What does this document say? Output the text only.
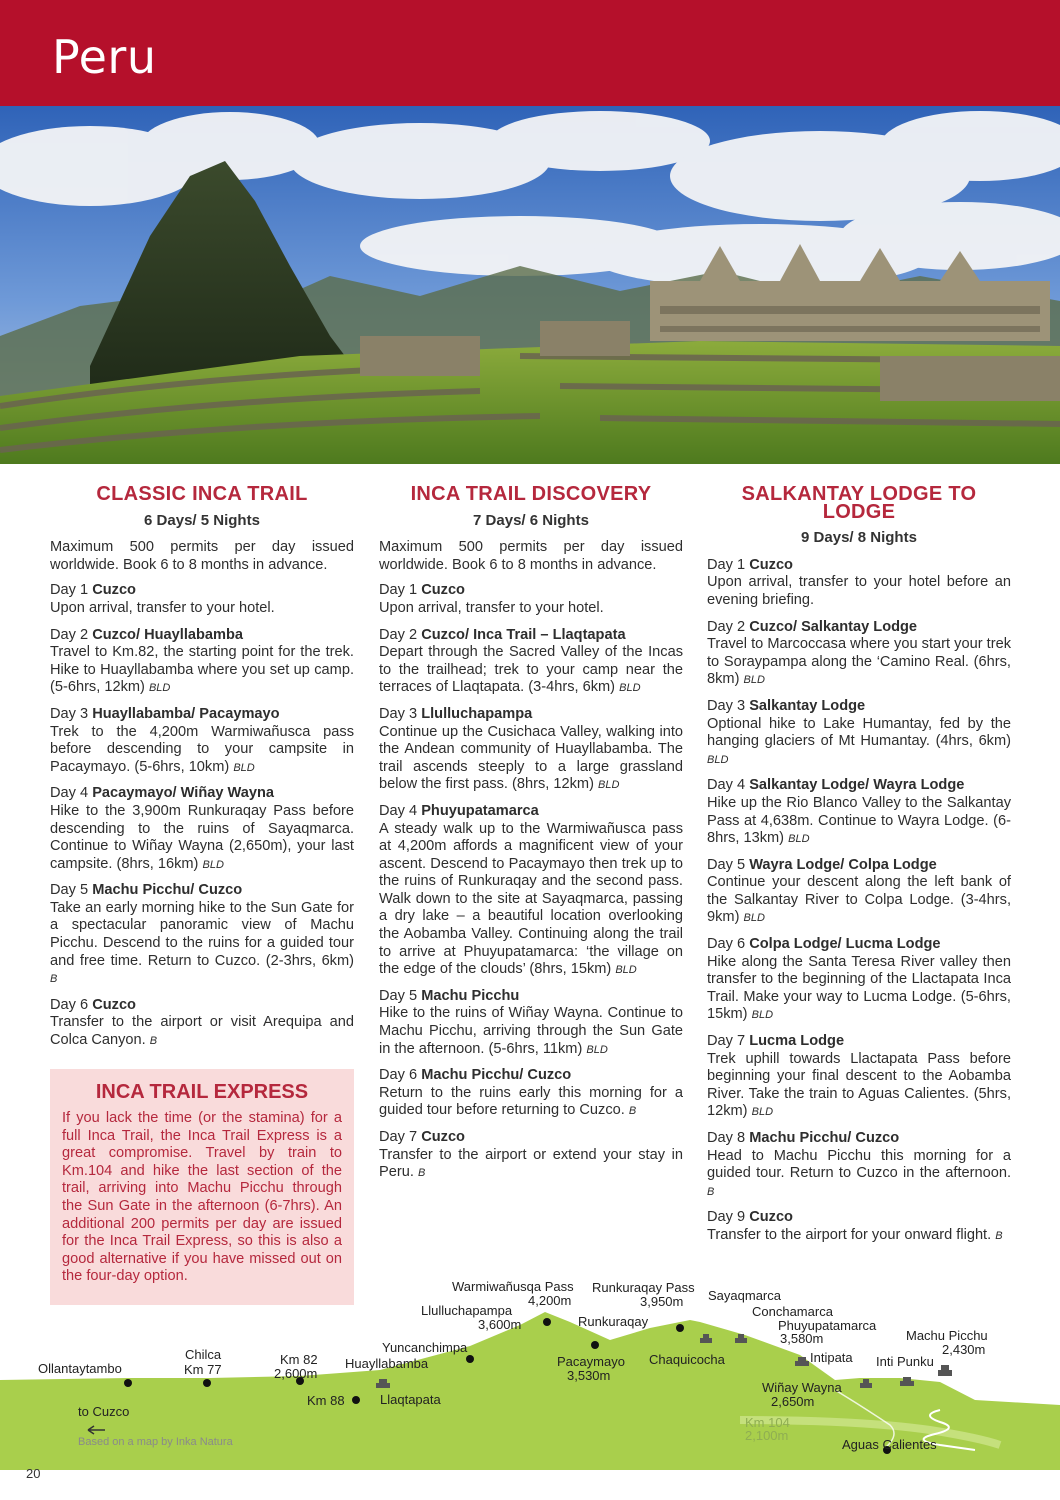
Peru
CLASSIC INCA TRAIL
6 Days/ 5 Nights

Maximum 500 permits per day issued worldwide. Book 6 to 8 months in advance.

Day 1 Cuzco
Upon arrival, transfer to your hotel.
Day 2 Cuzco/ Huayllabamba
Travel to Km.82, the starting point for the trek. Hike to Huayllabamba where you set up camp. (5-6hrs, 12km) BLD
Day 3 Huayllabamba/ Pacaymayo
Trek to the 4,200m Warmiwañusca pass before descending to your campsite in Pacaymayo. (5-6hrs, 10km) BLD
Day 4 Pacaymayo/ Wiñay Wayna
Hike to the 3,900m Runkuraqay Pass before descending to the ruins of Sayaqmarca. Continue to Wiñay Wayna (2,650m), your last campsite. (8hrs, 16km) BLD
Day 5 Machu Picchu/ Cuzco
Take an early morning hike to the Sun Gate for a spectacular panoramic view of Machu Picchu. Descend to the ruins for a guided tour and free time. Return to Cuzco. (2-3hrs, 6km) B
Day 6 Cuzco
Transfer to the airport or visit Arequipa and Colca Canyon. B
INCA TRAIL DISCOVERY
7 Days/ 6 Nights

Maximum 500 permits per day issued worldwide. Book 6 to 8 months in advance.

Day 1 Cuzco
Upon arrival, transfer to your hotel.
Day 2 Cuzco/ Inca Trail – Llaqtapata
Depart through the Sacred Valley of the Incas to the trailhead; trek to your camp near the terraces of Llaqtapata. (3-4hrs, 6km) BLD
Day 3 Llulluchapampa
Continue up the Cusichaca Valley, walking into the Andean community of Huayllabamba. The trail ascends steeply to a large grassland below the first pass. (8hrs, 12km) BLD
Day 4 Phuyupatamarca
A steady walk up to the Warmiwañusca pass at 4,200m affords a magnificent view of your ascent. Descend to Pacaymayo then trek up to the ruins of Runkuraqay and the second pass. Walk down to the site at Sayaqmarca, passing a dry lake – a beautiful location overlooking the Aobamba Valley. Continuing along the trail to arrive at Phuyupatamarca: ‘the village on the edge of the clouds’ (8hrs, 15km) BLD
Day 5 Machu Picchu
Hike to the ruins of Wiñay Wayna. Continue to Machu Picchu, arriving through the Sun Gate in the afternoon. (5-6hrs, 11km) BLD
Day 6 Machu Picchu/ Cuzco
Return to the ruins early this morning for a guided tour before returning to Cuzco. B
Day 7 Cuzco
Transfer to the airport or extend your stay in Peru. B
SALKANTAY LODGE TO LODGE
9 Days/ 8 Nights
Day 1 Cuzco
Upon arrival, transfer to your hotel before an evening briefing.
Day 2 Cuzco/ Salkantay Lodge
Travel to Marcoccasa where you start your trek to Soraypampa along the ‘Camino Real. (6hrs, 8km) BLD
Day 3 Salkantay Lodge
Optional hike to Lake Humantay, fed by the hanging glaciers of Mt Humantay. (4hrs, 6km) BLD
Day 4 Salkantay Lodge/ Wayra Lodge
Hike up the Rio Blanco Valley to the Salkantay Pass at 4,638m. Continue to Wayra Lodge. (6-8hrs, 13km) BLD
Day 5 Wayra Lodge/ Colpa Lodge
Continue your descent along the left bank of the Salkantay River to Colpa Lodge. (3-4hrs, 9km) BLD
Day 6 Colpa Lodge/ Lucma Lodge
Hike along the Santa Teresa River valley then transfer to the beginning of the Llactapata Inca Trail. Make your way to Lucma Lodge. (5-6hrs, 15km) BLD
Day 7 Lucma Lodge
Trek uphill towards Llactapata Pass before beginning your final descent to the Aobamba River. Take the train to Aguas Calientes. (5hrs, 12km) BLD
Day 8 Machu Picchu/ Cuzco
Head to Machu Picchu this morning for a guided tour. Return to Cuzco in the afternoon. B
Day 9 Cuzco
Transfer to the airport for your onward flight. B
INCA TRAIL EXPRESS

If you lack the time (or the stamina) for a full Inca Trail, the Inca Trail Express is a great compromise. Travel by train to Km.104 and hike the last section of the trail, arriving into Machu Picchu through the Sun Gate in the afternoon (6-7hrs). An additional 200 permits per day are issued for the Inca Trail Express, so this is also a good alternative if you have missed out on the four-day option.

Ollantaytambo
Chilca
Km 77
Km 82
2,600m
Km 88
Huayllabamba
Llaqtapata
Yuncanchimpa
Llulluchapampa
3,600m
Warmiwañusqa Pass
4,200m
Runkuraqay Pass
3,950m
Runkuraqay
Pacaymayo
3,530m
Sayaqmarca
Chaquicocha
Conchamarca
Phuyupatamarca
3,580m
Intipata
Wiñay Wayna
2,650m
Inti Punku
Machu Picchu
2,430m
Km 104
2,100m
Aguas Calientes
to Cuzco
Based on a map by Inka Natura
20
